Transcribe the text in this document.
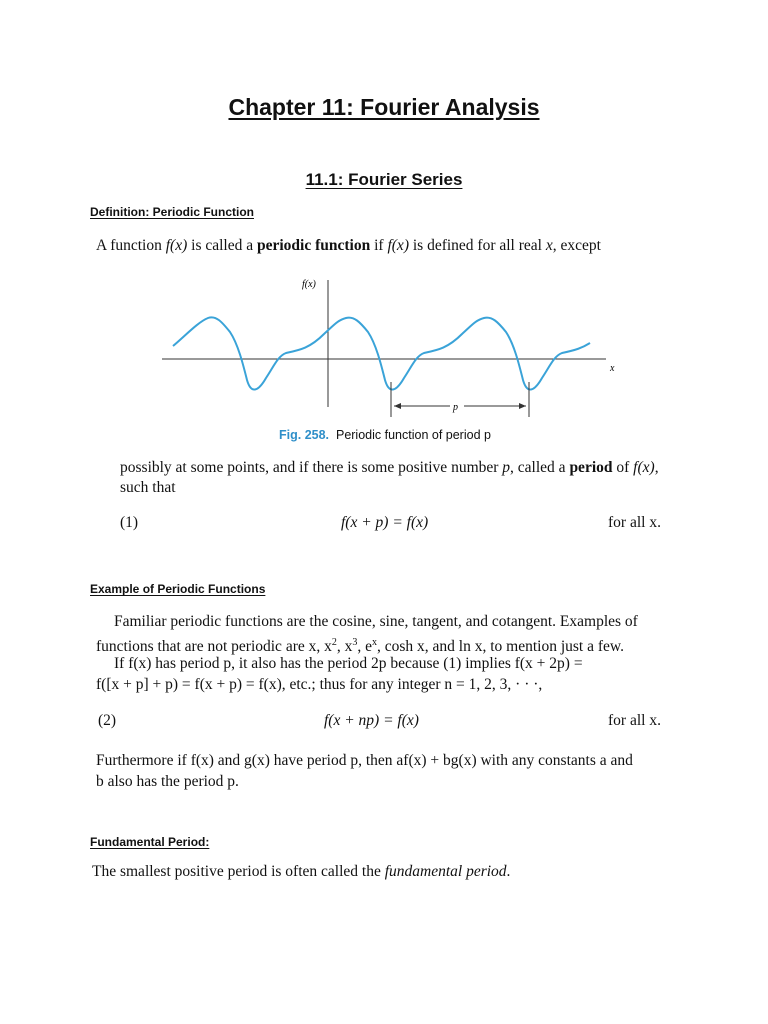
Chapter 11: Fourier Analysis
11.1: Fourier Series
Definition: Periodic Function
A function f(x) is called a periodic function if f(x) is defined for all real x, except
f(x)
x
p
Fig. 258. Periodic function of period p
possibly at some points, and if there is some positive number p, called a period of f(x),
such that
(1)	f(x + p) = f(x)	for all x.
Example of Periodic Functions
Familiar periodic functions are the cosine, sine, tangent, and cotangent. Examples of
functions that are not periodic are x, $x^2$, $x^3$, $e^x$, cosh x, and ln x, to mention just a few.
If f(x) has period p, it also has the period 2p because (1) implies f(x + 2p) =
f([x + p] + p) = f(x + p) = f(x), etc.; thus for any integer n = 1, 2, 3, · · ·,
(2)	f(x + np) = f(x)	for all x.
Furthermore if f(x) and g(x) have period p, then af(x) + bg(x) with any constants a and
b also has the period p.
Fundamental Period:
The smallest positive period is often called the fundamental period.
